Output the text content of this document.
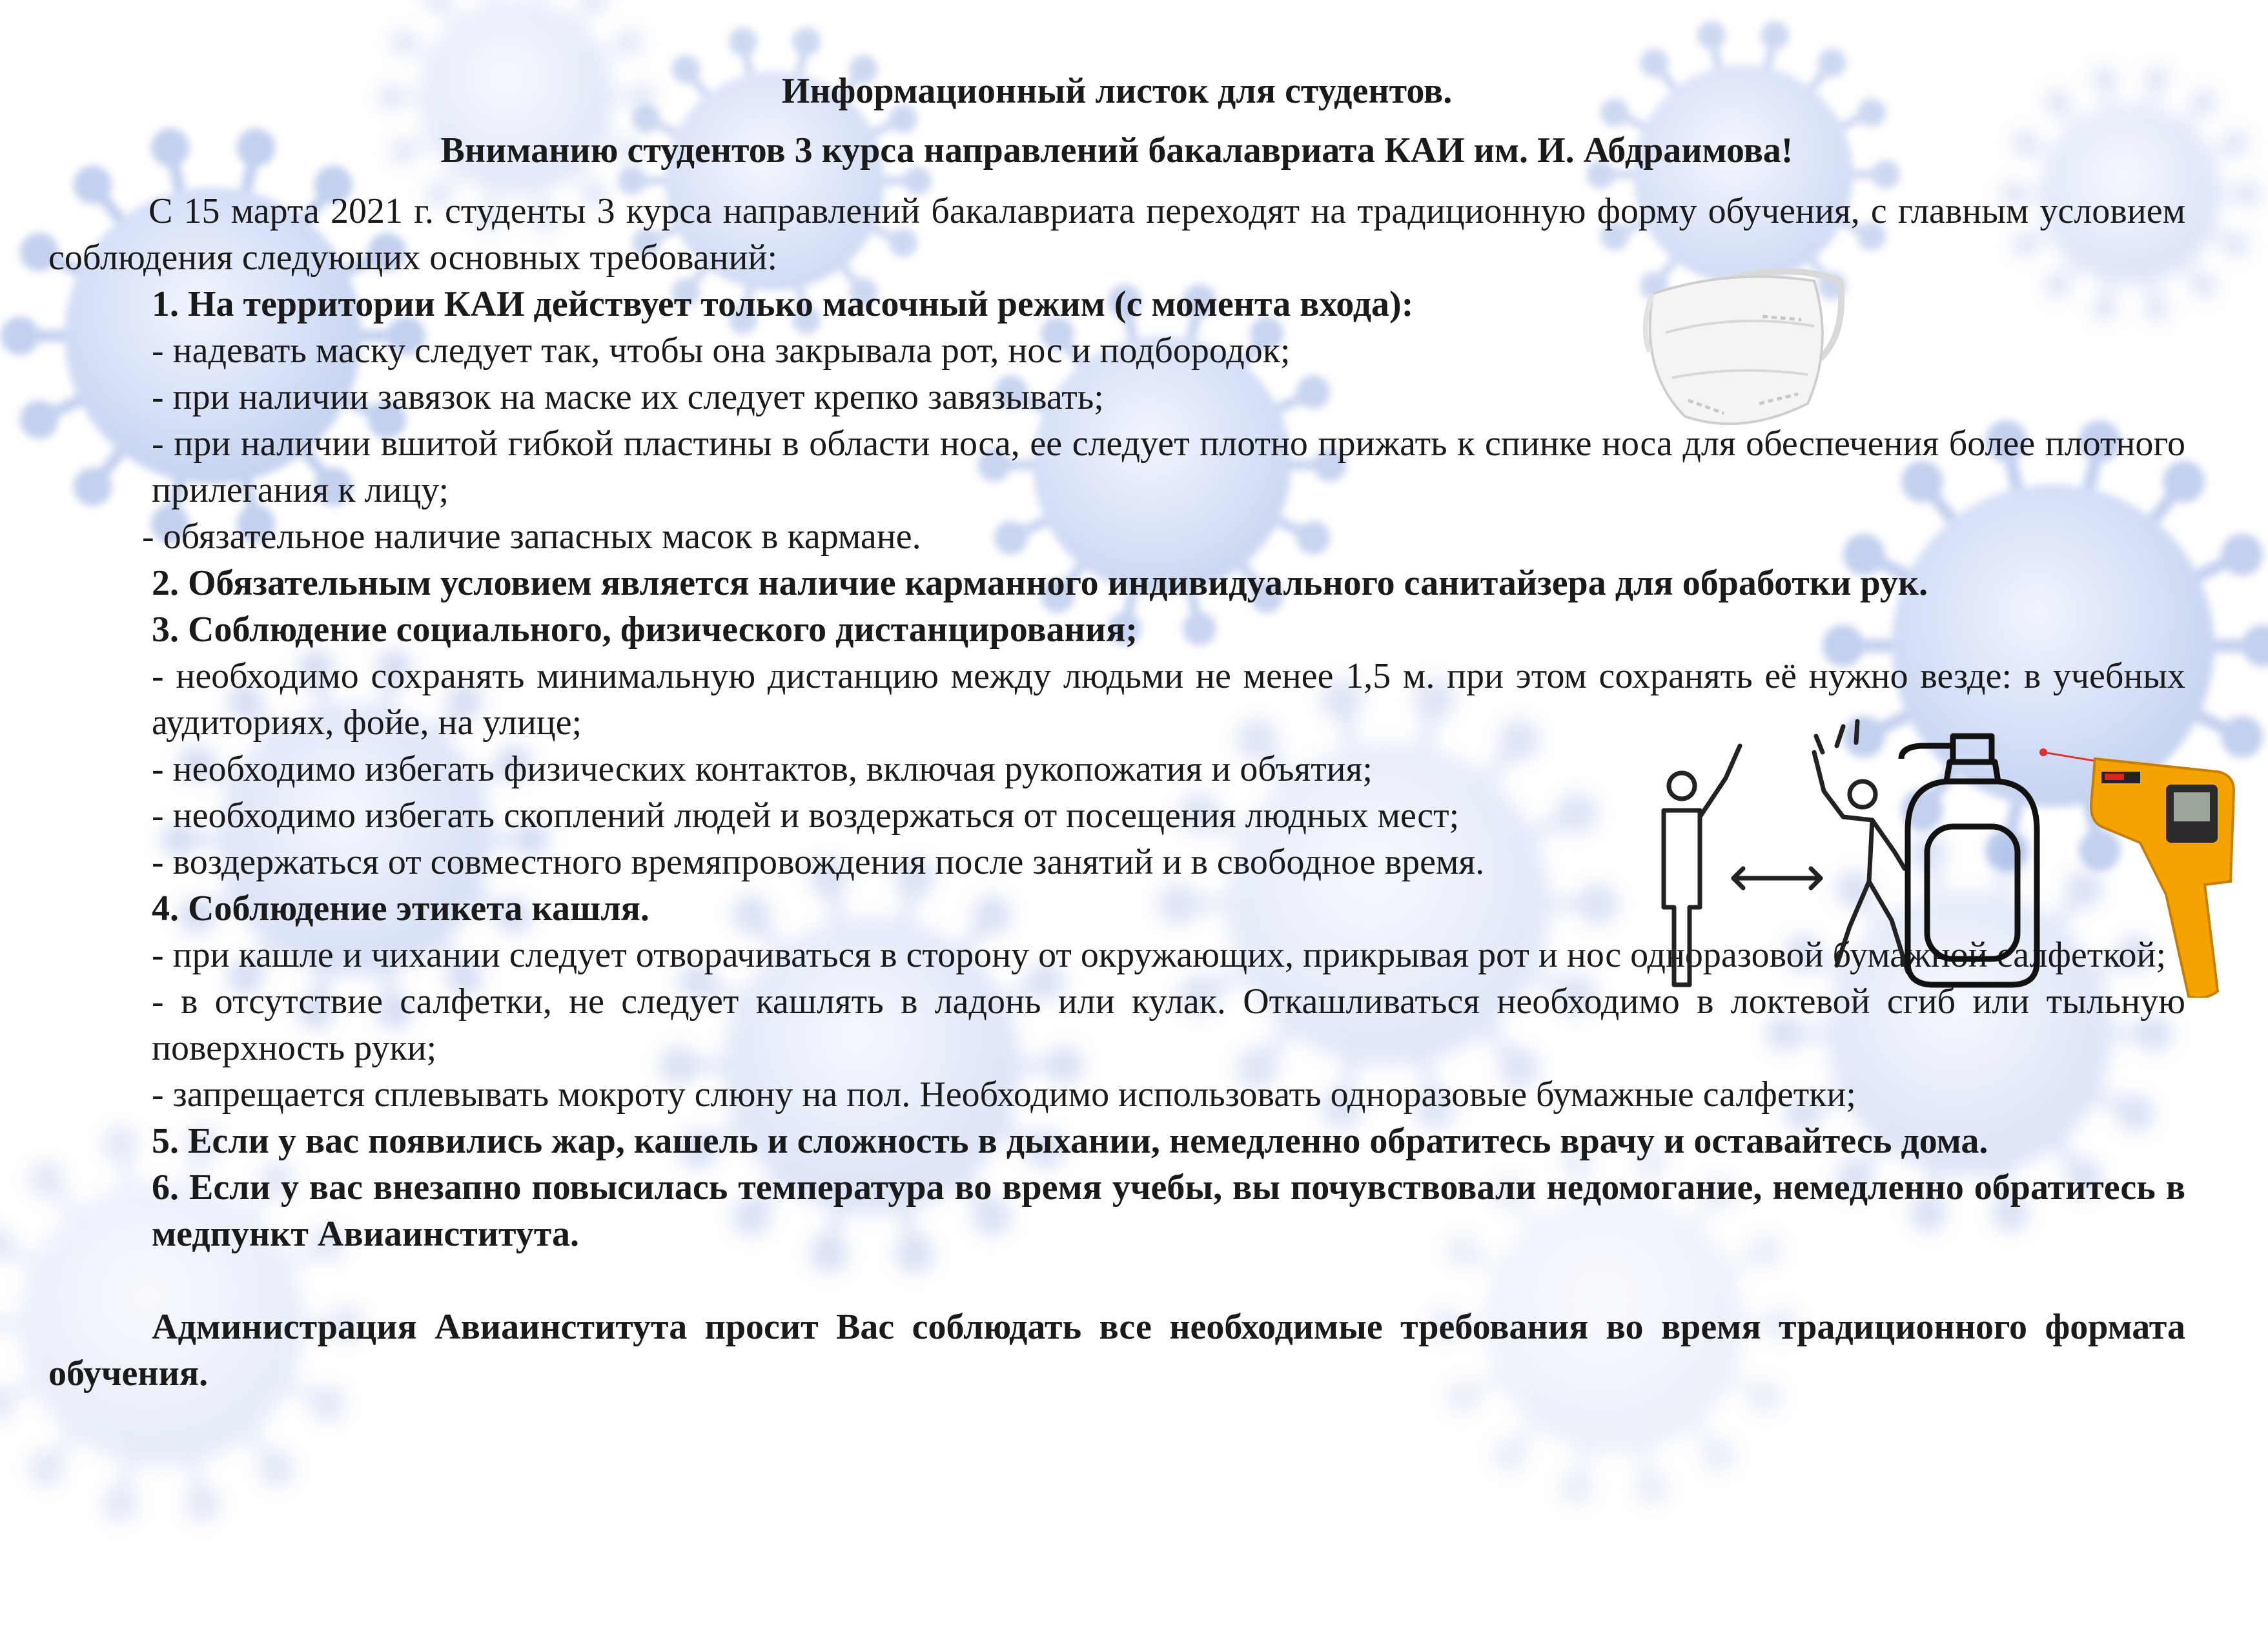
Информационный листок для студентов.
Вниманию студентов 3 курса направлений бакалавриата КАИ им. И. Абдраимова!

С 15 марта 2021 г. студенты 3 курса направлений бакалавриата переходят на традиционную форму обучения, с главным условием соблюдения следующих основных требований:

1. На территории КАИ действует только масочный режим (с момента входа):

- надевать маску следует так, чтобы она закрывала рот, нос и подбородок;

- при наличии завязок на маске их следует крепко завязывать;

- при наличии вшитой гибкой пластины в области носа, ее следует плотно прижать к спинке носа для обеспечения более плотного прилегания к лицу;

- обязательное наличие запасных масок в кармане.

2. Обязательным условием является наличие карманного индивидуального санитайзера для обработки рук.

3. Соблюдение социального, физического дистанцирования;

- необходимо сохранять минимальную дистанцию между людьми не менее 1,5 м. при этом сохранять её нужно везде: в учебных аудиториях, фойе, на улице;

- необходимо избегать физических контактов, включая рукопожатия и объятия;

- необходимо избегать скоплений людей и воздержаться от посещения людных мест;

- воздержаться от совместного времяпровождения после занятий и в свободное время.

4. Соблюдение этикета кашля.

- при кашле и чихании следует отворачиваться в сторону от окружающих, прикрывая рот и нос одноразовой бумажной салфеткой;

- в отсутствие салфетки, не следует кашлять в ладонь или кулак. Откашливаться необходимо в локтевой сгиб или тыльную поверхность руки;

- запрещается сплевывать мокроту слюну на пол. Необходимо использовать одноразовые бумажные салфетки;

5. Если у вас появились жар, кашель и сложность в дыхании, немедленно обратитесь врачу и оставайтесь дома.

6. Если у вас внезапно повысилась температура во время учебы, вы почувствовали недомогание, немедленно обратитесь в медпункт Авиаинститута.

Администрация Авиаинститута просит Вас соблюдать все необходимые требования во время традиционного формата обучения.
